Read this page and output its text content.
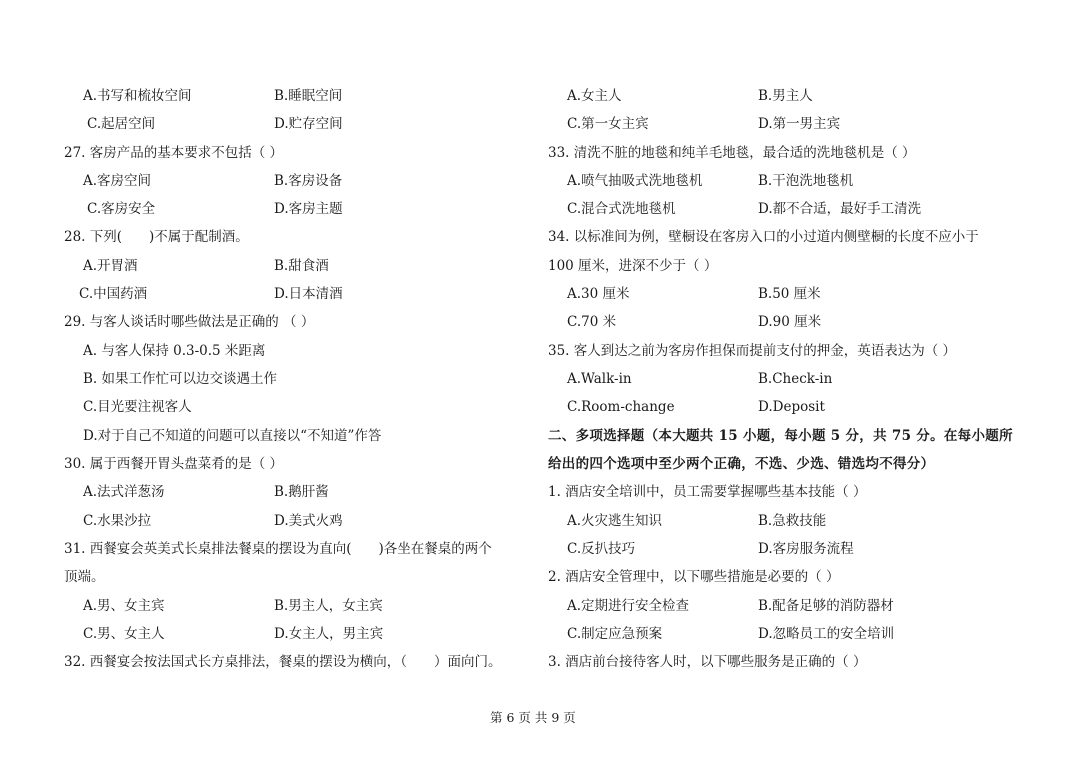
A.书写和梳妆空间	B.睡眠空间
C.起居空间	D.贮存空间
27. 客房产品的基本要求不包括（ ）
A.客房空间	B.客房设备
C.客房安全	D.客房主题
28. 下列(　　)不属于配制酒。
A.开胃酒	B.甜食酒
C.中国药酒	D.日本清酒
29. 与客人谈话时哪些做法是正确的 （ ）
A. 与客人保持 0.3-0.5 米距离
B. 如果工作忙可以边交谈遇土作
C.目光要注视客人
D.对于自己不知道的问题可以直接以“不知道”作答
30. 属于西餐开胃头盘菜肴的是（ ）
A.法式洋葱汤	B.鹅肝酱
C.水果沙拉	D.美式火鸡
31. 西餐宴会英美式长桌排法餐桌的摆设为直向(　　)各坐在餐桌的两个
顶端。
A.男、女主宾	B.男主人，女主宾
C.男、女主人	D.女主人，男主宾
32. 西餐宴会按法国式长方桌排法，餐桌的摆设为横向，（　　）面向门。
A.女主人	B.男主人
C.第一女主宾	D.第一男主宾
33. 清洗不脏的地毯和纯羊毛地毯，最合适的洗地毯机是（ ）
A.喷气抽吸式洗地毯机	B.干泡洗地毯机
C.混合式洗地毯机	D.都不合适，最好手工清洗
34. 以标准间为例，壁橱设在客房入口的小过道内侧壁橱的长度不应小于
100 厘米，进深不少于（ ）
A.30 厘米	B.50 厘米
C.70 米	D.90 厘米
35. 客人到达之前为客房作担保而提前支付的押金，英语表达为（ ）
A.Walk-in	B.Check-in
C.Room-change	D.Deposit
二、多项选择题（本大题共 15 小题，每小题 5 分，共 75 分。在每小题所
给出的四个选项中至少两个正确，不选、少选、错选均不得分）
1. 酒店安全培训中，员工需要掌握哪些基本技能（ ）
A.火灾逃生知识	B.急救技能
C.反扒技巧	D.客房服务流程
2. 酒店安全管理中，以下哪些措施是必要的（ ）
A.定期进行安全检查	B.配备足够的消防器材
C.制定应急预案	D.忽略员工的安全培训
3. 酒店前台接待客人时，以下哪些服务是正确的（ ）
第 6 页 共 9 页
